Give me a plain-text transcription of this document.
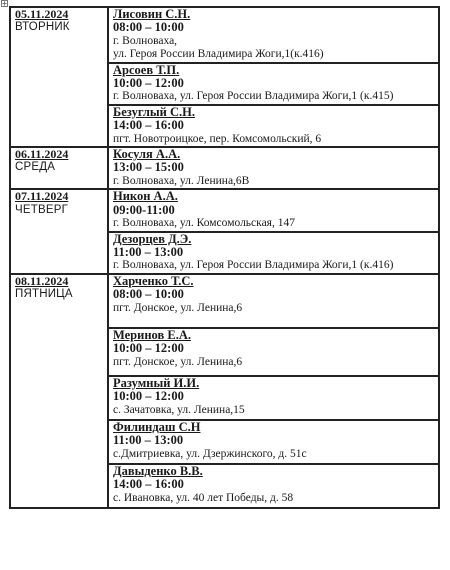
05.11.2024
ВТОРНИК	Лисовин С.Н.
08:00 – 10:00
г. Волноваха,
ул. Героя России Владимира Жоги,1(к.416)

	Арсоев Т.П.
10:00 – 12:00
г. Волноваха, ул. Героя России Владимира Жоги,1 (к.415)

	Безуглый С.Н.
14:00 – 16:00
пгт. Новотроицкое, пер. Комсомольский, 6

06.11.2024
СРЕДА	Косуля А.А.
13:00 – 15:00
г. Волноваха, ул. Ленина,6В

07.11.2024
ЧЕТВЕРГ	Никон А.А.
09:00-11:00
г. Волноваха, ул. Комсомольская, 147

	Дезорцев Д.Э.
11:00 – 13:00
г. Волноваха, ул. Героя России Владимира Жоги,1 (к.416)

08.11.2024
ПЯТНИЦА	Харченко Т.С.
08:00 – 10:00
пгт. Донское, ул. Ленина,6

	Меринов Е.А.
10:00 – 12:00
пгт. Донское, ул. Ленина,6

	Разумный И.И.
10:00 – 12:00
с. Зачатовка, ул. Ленина,15

	Филиндаш С.Н
11:00 – 13:00
с.Дмитриевка, ул. Дзержинского, д. 51с

	Давыденко В.В.
14:00 – 16:00
с. Ивановка, ул. 40 лет Победы, д. 58
